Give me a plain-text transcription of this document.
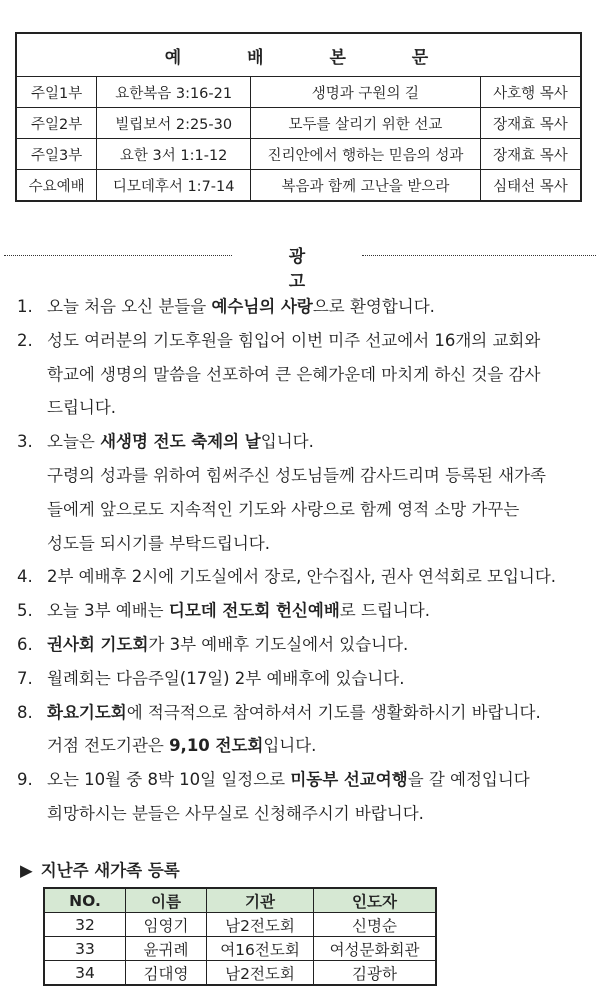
예 배 본 문			
주일1부	요한복음 3:16-21	생명과 구원의 길	사호행 목사
주일2부	빌립보서 2:25-30	모두를 살리기 위한 선교	장재효 목사
주일3부	요한 3서 1:1-12	진리안에서 행하는 믿음의 성과	장재효 목사
수요예배	디모데후서 1:7-14	복음과 함께 고난을 받으라	심태선 목사
광 고
1. 오늘 처음 오신 분들을 예수님의 사랑으로 환영합니다.
2. 성도 여러분의 기도후원을 힘입어 이번 미주 선교에서 16개의 교회와
학교에 생명의 말씀을 선포하여 큰 은혜가운데 마치게 하신 것을 감사
드립니다.
3. 오늘은 새생명 전도 축제의 날입니다.
구령의 성과를 위하여 힘써주신 성도님들께 감사드리며 등록된 새가족
들에게 앞으로도 지속적인 기도와 사랑으로 함께 영적 소망 가꾸는
성도들 되시기를 부탁드립니다.
4. 2부 예배후 2시에 기도실에서 장로, 안수집사, 권사 연석회로 모입니다.
5. 오늘 3부 예배는 디모데 전도회 헌신예배로 드립니다.
6. 권사회 기도회가 3부 예배후 기도실에서 있습니다.
7. 월례회는 다음주일(17일) 2부 예배후에 있습니다.
8. 화요기도회에 적극적으로 참여하셔서 기도를 생활화하시기 바랍니다.
거점 전도기관은 9,10 전도회입니다.
9. 오는 10월 중 8박 10일 일정으로 미동부 선교여행을 갈 예정입니다
희망하시는 분들은 사무실로 신청해주시기 바랍니다.
▶ 지난주 새가족 등록
NO.	이름	기관	인도자
32	임영기	남2전도회	신명순
33	윤귀례	여16전도회	여성문화회관
34	김대영	남2전도회	김광하
